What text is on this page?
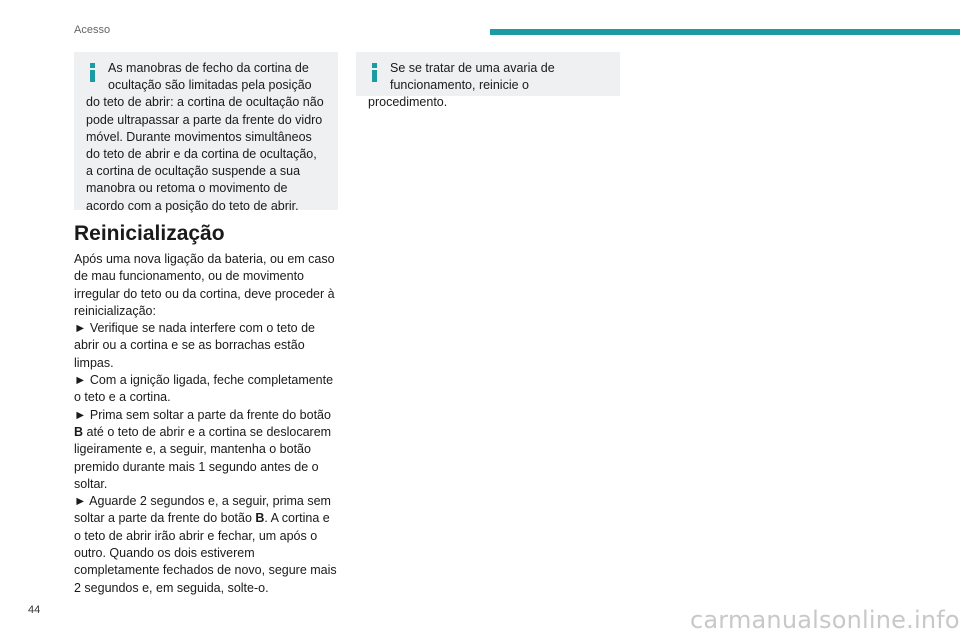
Acesso

As manobras de fecho da cortina de ocultação são limitadas pela posição do teto de abrir: a cortina de ocultação não pode ultrapassar a parte da frente do vidro móvel. Durante movimentos simultâneos do teto de abrir e da cortina de ocultação, a cortina de ocultação suspende a sua manobra ou retoma o movimento de acordo com a posição do teto de abrir.

Se se tratar de uma avaria de funcionamento, reinicie o procedimento.

Reinicialização

Após uma nova ligação da bateria, ou em caso de mau funcionamento, ou de movimento irregular do teto ou da cortina, deve proceder à reinicialização:

► Verifique se nada interfere com o teto de abrir ou a cortina e se as borrachas estão limpas.

► Com a ignição ligada, feche completamente o teto e a cortina.

► Prima sem soltar a parte da frente do botão B até o teto de abrir e a cortina se deslocarem ligeiramente e, a seguir, mantenha o botão premido durante mais 1 segundo antes de o soltar.

► Aguarde 2 segundos e, a seguir, prima sem soltar a parte da frente do botão B. A cortina e o teto de abrir irão abrir e fechar, um após o outro. Quando os dois estiverem completamente fechados de novo, segure mais 2 segundos e, em seguida, solte-o.

44	carmanualsonline.info
